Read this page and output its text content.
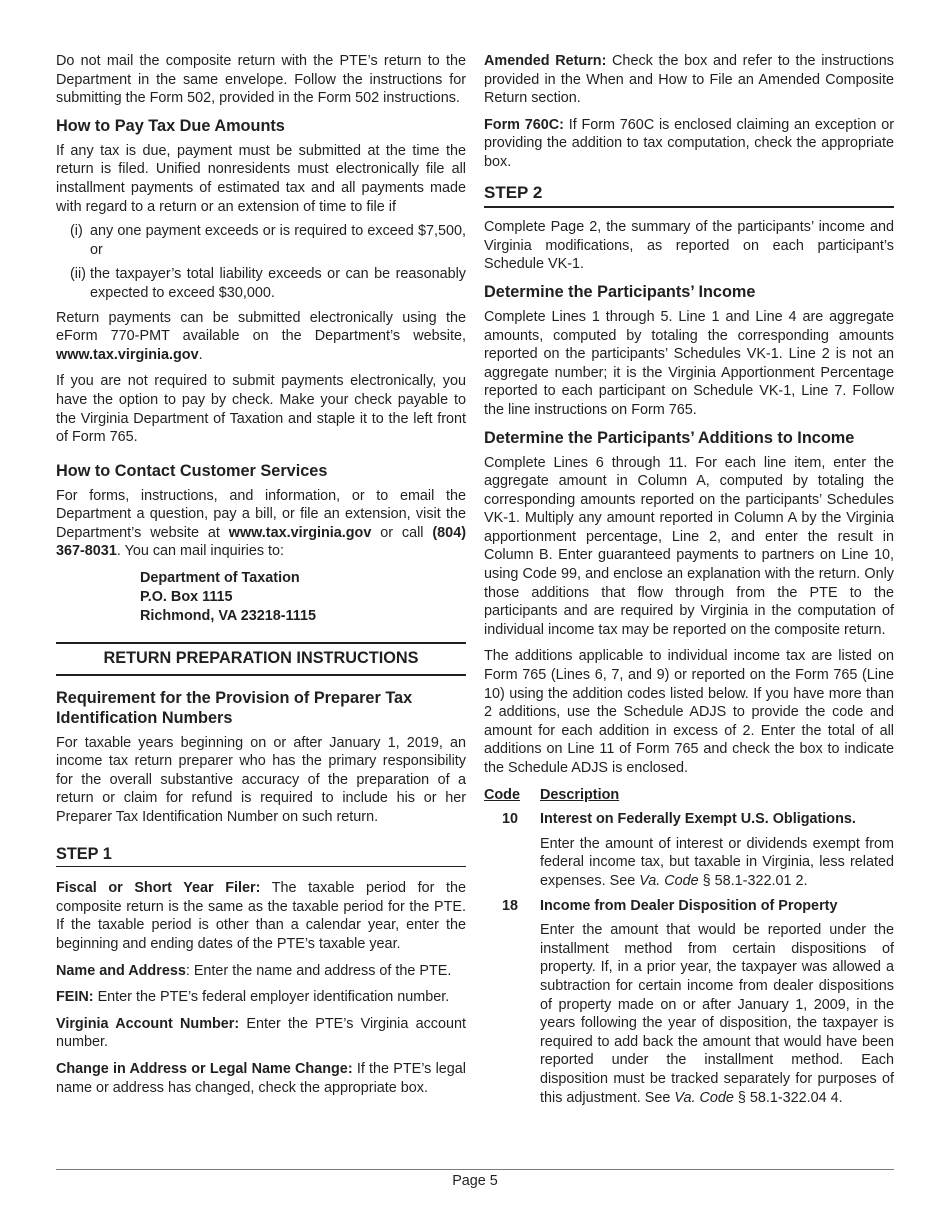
Do not mail the composite return with the PTE’s return to the Department in the same envelope. Follow the instructions for submitting the Form 502, provided in the Form 502 instructions.

How to Pay Tax Due Amounts

If any tax is due, payment must be submitted at the time the return is filed. Unified nonresidents must electronically file all installment payments of estimated tax and all payments made with regard to a return or an extension of time to file if

(i) any one payment exceeds or is required to exceed $7,500, or
(ii) the taxpayer’s total liability exceeds or can be reasonably expected to exceed $30,000.

Return payments can be submitted electronically using the eForm 770-PMT available on the Department’s website, www.tax.virginia.gov.

If you are not required to submit payments electronically, you have the option to pay by check. Make your check payable to the Virginia Department of Taxation and staple it to the left front of Form 765.

How to Contact Customer Services

For forms, instructions, and information, or to email the Department a question, pay a bill, or file an extension, visit the Department’s website at www.tax.virginia.gov or call (804) 367-8031. You can mail inquiries to:

Department of Taxation
P.O. Box 1115
Richmond, VA 23218-1115
RETURN PREPARATION INSTRUCTIONS
Requirement for the Provision of Preparer Tax Identification Numbers

For taxable years beginning on or after January 1, 2019, an income tax return preparer who has the primary responsibility for the overall substantive accuracy of the preparation of a return or claim for refund is required to include his or her Preparer Tax Identification Number on such return.

STEP 1

Fiscal or Short Year Filer: The taxable period for the composite return is the same as the taxable period for the PTE. If the taxable period is other than a calendar year, enter the beginning and ending dates of the PTE’s taxable year.

Name and Address: Enter the name and address of the PTE.

FEIN: Enter the PTE’s federal employer identification number.

Virginia Account Number: Enter the PTE’s Virginia account number.

Change in Address or Legal Name Change: If the PTE’s legal name or address has changed, check the appropriate box.

Amended Return: Check the box and refer to the instructions provided in the When and How to File an Amended Composite Return section.

Form 760C: If Form 760C is enclosed claiming an exception or providing the addition to tax computation, check the appropriate box.

STEP 2

Complete Page 2, the summary of the participants’ income and Virginia modifications, as reported on each participant’s Schedule VK-1.

Determine the Participants’ Income

Complete Lines 1 through 5. Line 1 and Line 4 are aggregate amounts, computed by totaling the corresponding amounts reported on the participants’ Schedules VK-1. Line 2 is not an aggregate number; it is the Virginia Apportionment Percentage reported to each participant on Schedule VK-1, Line 7. Follow the line instructions on Form 765.

Determine the Participants’ Additions to Income

Complete Lines 6 through 11. For each line item, enter the aggregate amount in Column A, computed by totaling the corresponding amounts reported on the participants’ Schedules VK-1. Multiply any amount reported in Column A by the Virginia apportionment percentage, Line 2, and enter the result in Column B. Enter guaranteed payments to partners on Line 10, using Code 99, and enclose an explanation with the return. Only those additions that flow through from the PTE to the participants and are required by Virginia in the computation of individual income tax may be reported on the composite return.

The additions applicable to individual income tax are listed on Form 765 (Lines 6, 7, and 9) or reported on the Form 765 (Line 10) using the addition codes listed below. If you have more than 2 additions, use the Schedule ADJS to provide the code and amount for each addition in excess of 2. Enter the total of all additions on Line 11 of Form 765 and check the box to indicate the Schedule ADJS is enclosed.

Code	Description
10	Interest on Federally Exempt U.S. Obligations.

Enter the amount of interest or dividends exempt from federal income tax, but taxable in Virginia, less related expenses. See Va. Code § 58.1-322.01 2.

18	Income from Dealer Disposition of Property

Enter the amount that would be reported under the installment method from certain dispositions of property. If, in a prior year, the taxpayer was allowed a subtraction for certain income from dealer dispositions of property made on or after January 1, 2009, in the years following the year of disposition, the taxpayer is required to add back the amount that would have been reported under the installment method. Each disposition must be tracked separately for purposes of this adjustment. See Va. Code § 58.1-322.04 4.

Page 5
